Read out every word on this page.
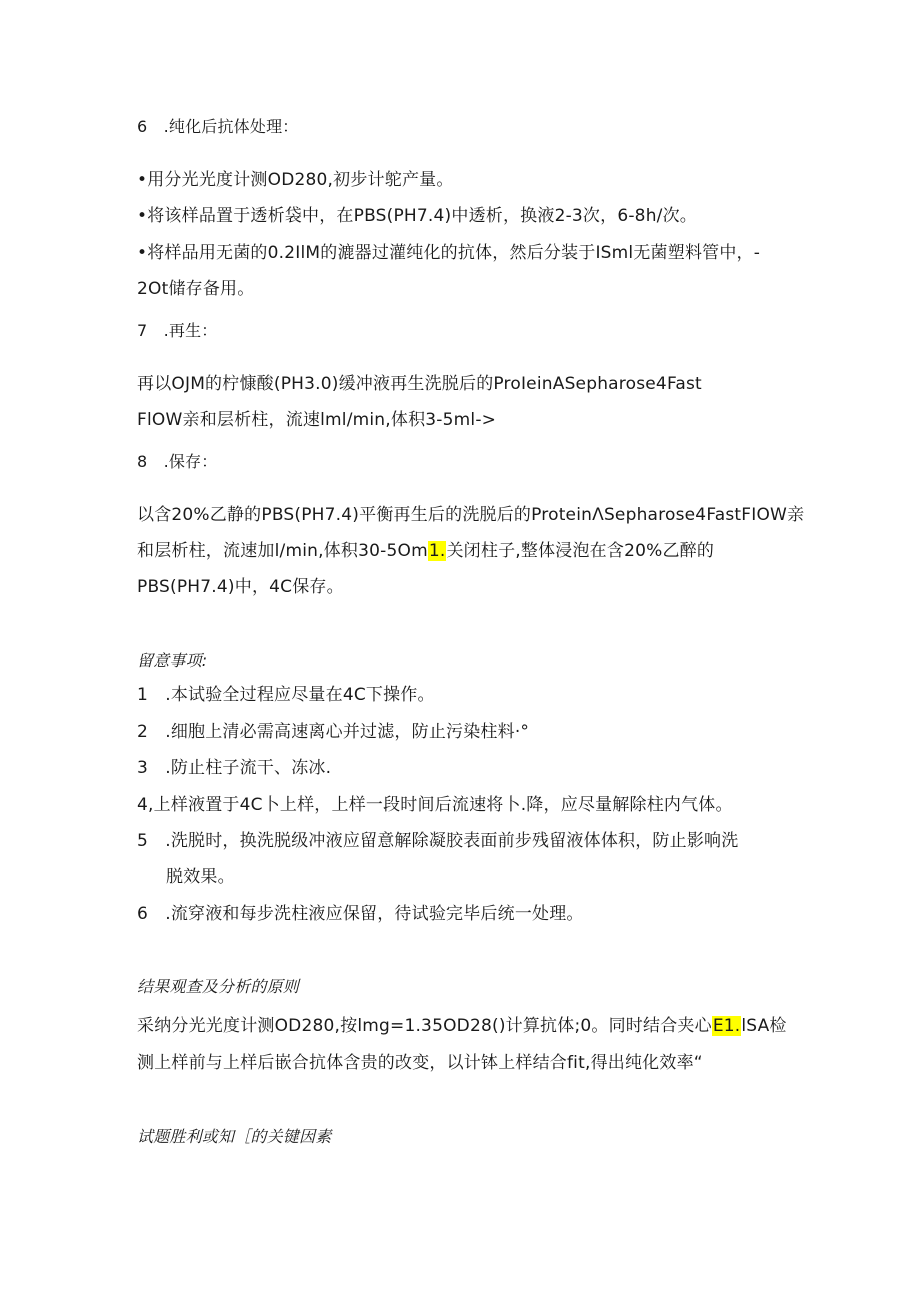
6　.纯化后抗体处理：
•用分光光度计测OD280,初步计鸵产量。
•将该样品置于透析袋中，在PBS(PH7.4)中透析，换液2-3次，6-8h/次。
•将样品用无菌的0.2IlM的漉器过灌纯化的抗体，然后分装于ISml无菌塑料管中，-
2Ot储存备用。
7　.再生：
再以OJM的柠慷酸(PH3.0)缓冲液再生洗脱后的ProIeinASepharose4Fast
FlOW亲和层析柱，流速lml/min,体积3-5ml->
8　.保存：
以含20%乙静的PBS(PH7.4)平衡再生后的洗脱后的ProteinΛSepharose4FastFIOW亲
和层析柱，流速加l/min,体积30-5Om1.关闭柱子,整体浸泡在含20%乙醉的
PBS(PH7.4)中，4C保存。
留意事项:
1　.本试验全过程应尽量在4C下操作。
2　.细胞上清必需高速离心并过滤，防止污染柱料·°
3　.防止柱子流干、冻冰.
4,上样液置于4C卜上样，上样一段时间后流速将卜.降，应尽量解除柱内气体。
5　.洗脱时，换洗脱级冲液应留意解除凝胶表面前步残留液体体积，防止影响洗
脱效果。
6　.流穿液和每步洗柱液应保留，待试验完毕后统一处理。
结果观查及分析的原则
采纳分光光度计测OD280,按lmg=1.35OD28()计算抗体;0。同时结合夹心E1.lSA检
测上样前与上样后嵌合抗体含贵的改变，以计钵上样结合fit,得出纯化效率“
试题胜利或知［的关键因素
